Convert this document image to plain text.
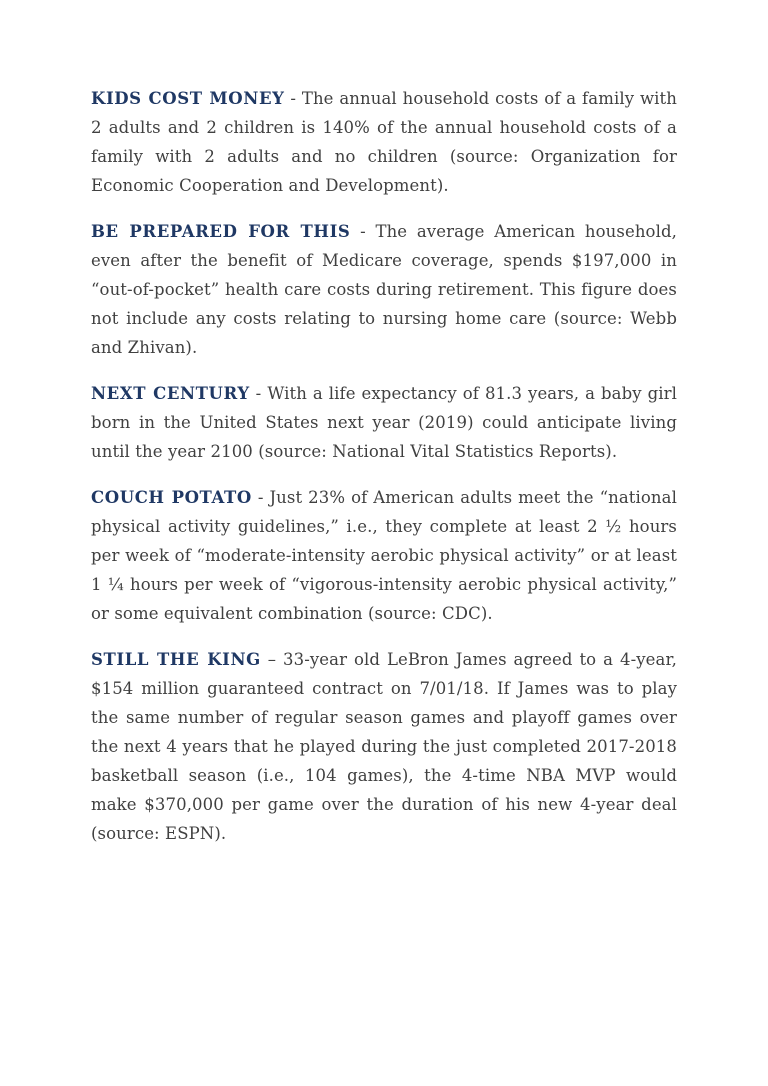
KIDS COST MONEY - The annual household costs of a family with 2 adults and 2 children is 140% of the annual household costs of a family with 2 adults and no children (source: Organization for Economic Cooperation and Development).

BE PREPARED FOR THIS - The average American household, even after the benefit of Medicare coverage, spends $197,000 in “out-of-pocket” health care costs during retirement. This figure does not include any costs relating to nursing home care (source: Webb and Zhivan).

NEXT CENTURY - With a life expectancy of 81.3 years, a baby girl born in the United States next year (2019) could anticipate living until the year 2100 (source: National Vital Statistics Reports).

COUCH POTATO - Just 23% of American adults meet the “national physical activity guidelines,” i.e., they complete at least 2 ½ hours per week of “moderate-intensity aerobic physical activity” or at least 1 ¼ hours per week of “vigorous-intensity aerobic physical activity,” or some equivalent combination (source: CDC).

STILL THE KING – 33-year old LeBron James agreed to a 4-year, $154 million guaranteed contract on 7/01/18. If James was to play the same number of regular season games and playoff games over the next 4 years that he played during the just completed 2017-2018 basketball season (i.e., 104 games), the 4-time NBA MVP would make $370,000 per game over the duration of his new 4-year deal (source: ESPN).
